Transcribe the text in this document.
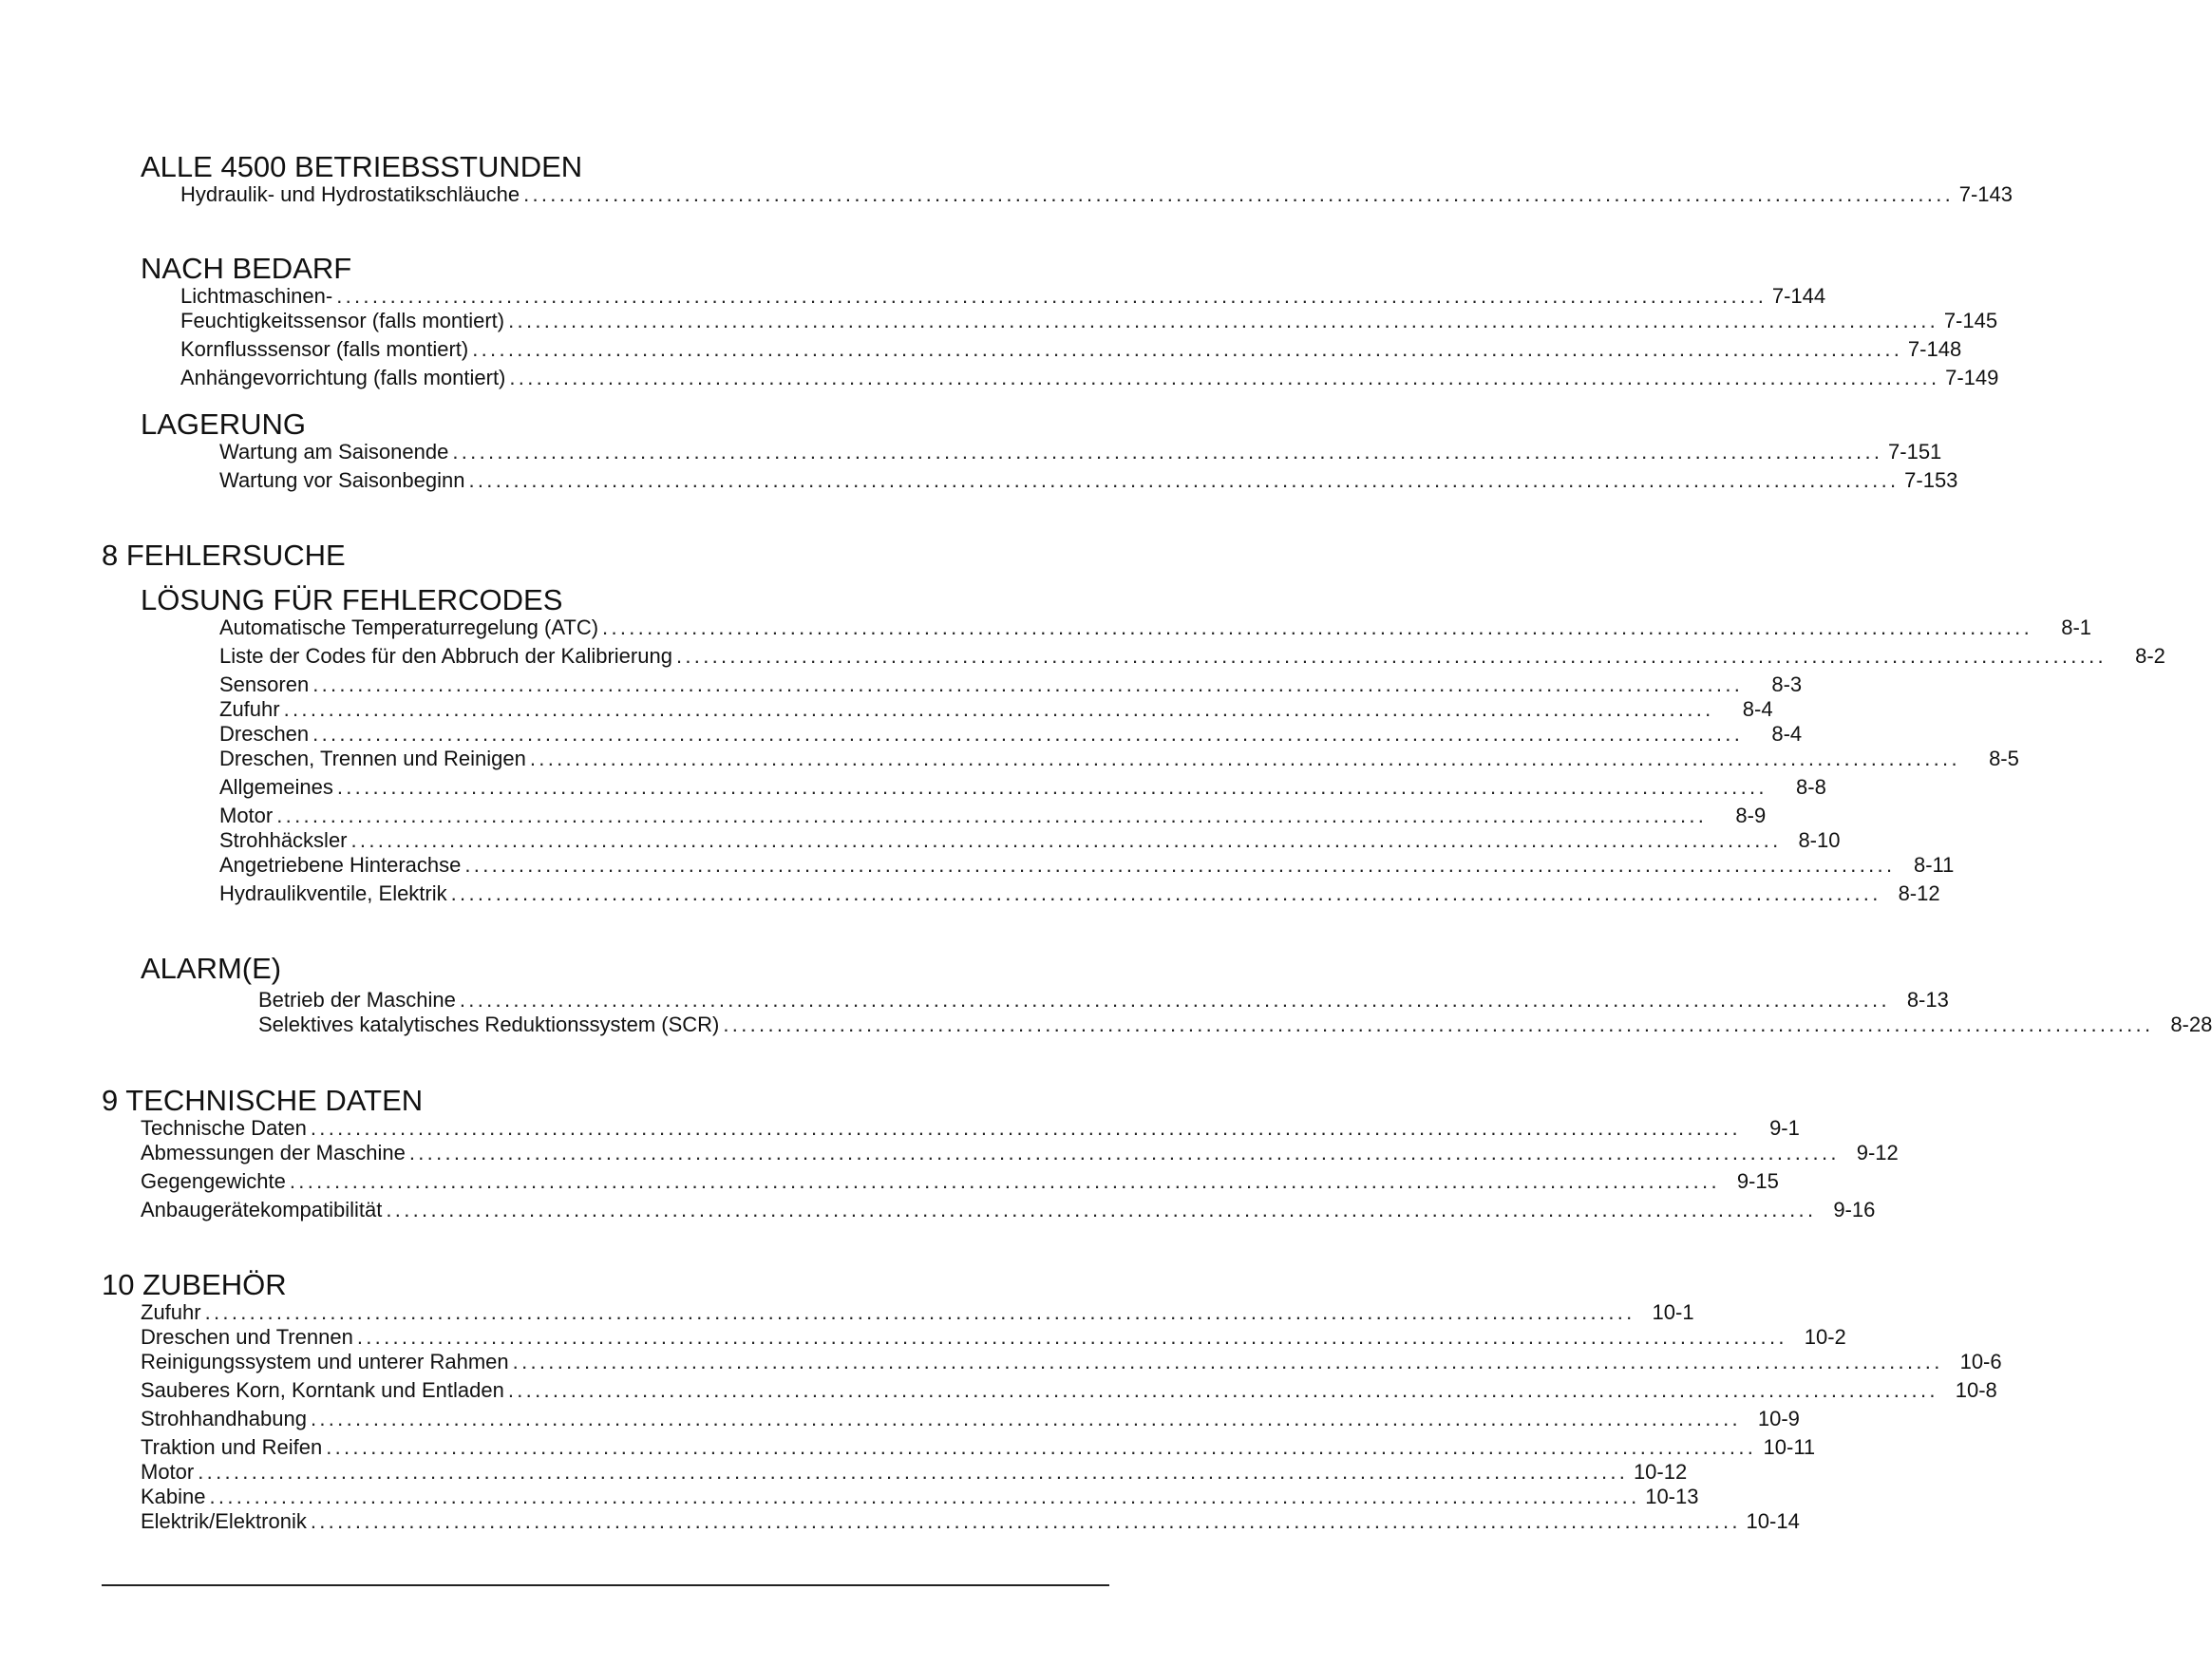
ALLE 4500 BETRIEBSSTUNDEN
Hydraulik- und Hydrostatikschläuche ................................................................................................................................................................ 7-143
NACH BEDARF
Lichtmaschinen- ................................................................................................................................................................ 7-144
Feuchtigkeitssensor (falls montiert) ................................................................................................................................................................ 7-145
Kornflusssensor (falls montiert) ................................................................................................................................................................ 7-148
Anhängevorrichtung (falls montiert) ................................................................................................................................................................ 7-149
LAGERUNG
Wartung am Saisonende ................................................................................................................................................................ 7-151
Wartung vor Saisonbeginn ................................................................................................................................................................ 7-153
8 FEHLERSUCHE
LÖSUNG FÜR FEHLERCODES
Automatische Temperaturregelung (ATC) ................................................................................................................................................................	8-1
Liste der Codes für den Abbruch der Kalibrierung ................................................................................................................................................................	8-2
Sensoren ................................................................................................................................................................	8-3
Zufuhr ................................................................................................................................................................	8-4
Dreschen ................................................................................................................................................................	8-4
Dreschen, Trennen und Reinigen ................................................................................................................................................................	8-5
Allgemeines ................................................................................................................................................................	8-8
Motor ................................................................................................................................................................	8-9
Strohhäcksler ................................................................................................................................................................ 8-10
Angetriebene Hinterachse ................................................................................................................................................................ 8-11
Hydraulikventile, Elektrik ................................................................................................................................................................ 8-12
ALARM(E)
Betrieb der Maschine ................................................................................................................................................................ 8-13
Selektives katalytisches Reduktionssystem (SCR) ................................................................................................................................................................ 8-28
9 TECHNISCHE DATEN
Technische Daten ................................................................................................................................................................	9-1
Abmessungen der Maschine ................................................................................................................................................................ 9-12
Gegengewichte ................................................................................................................................................................ 9-15
Anbaugerätekompatibilität ................................................................................................................................................................ 9-16
10 ZUBEHÖR
Zufuhr ................................................................................................................................................................ 10-1
Dreschen und Trennen ................................................................................................................................................................ 10-2
Reinigungssystem und unterer Rahmen ................................................................................................................................................................ 10-6
Sauberes Korn, Korntank und Entladen ................................................................................................................................................................ 10-8
Strohhandhabung ................................................................................................................................................................ 10-9
Traktion und Reifen ................................................................................................................................................................ 10-11
Motor ................................................................................................................................................................ 10-12
Kabine ................................................................................................................................................................ 10-13
Elektrik/Elektronik ................................................................................................................................................................ 10-14
